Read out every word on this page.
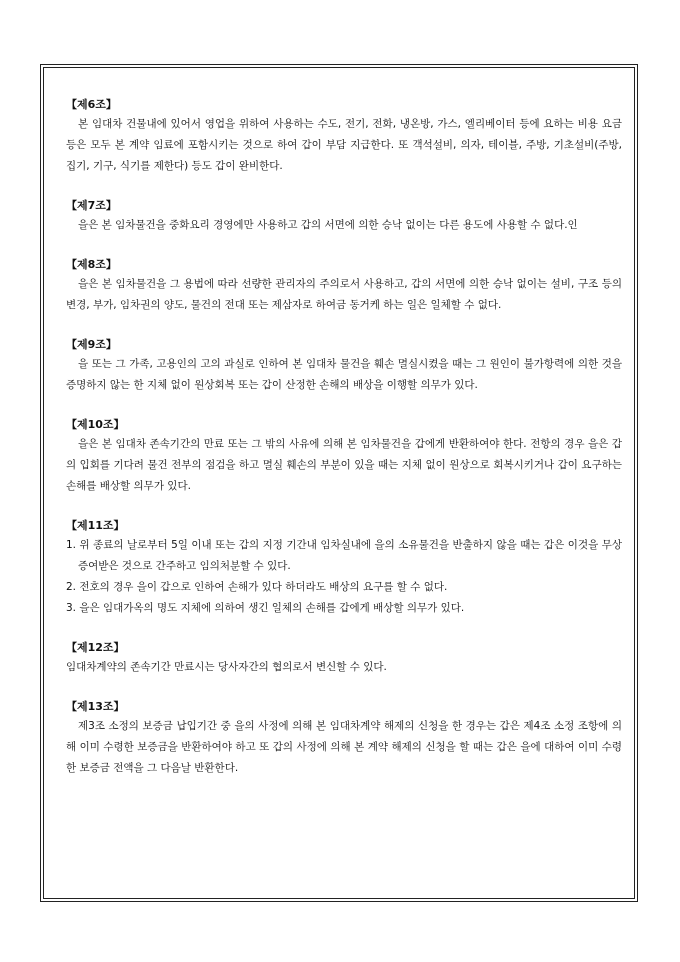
【제6조】

본 임대차 건물내에 있어서 영업을 위하여 사용하는 수도, 전기, 전화, 냉온방, 가스, 엘리베이터 등에 요하는 비용 요금 등은 모두 본 계약 임료에 포함시키는 것으로 하여 갑이 부담 지급한다. 또 객석설비, 의자, 테이블, 주방, 기초설비(주방, 집기, 기구, 식기를 제한다) 등도 갑이 완비한다.

【제7조】

을은 본 임차물건을 중화요리 경영에만 사용하고 갑의 서면에 의한 승낙 없이는 다른 용도에 사용할 수 없다.인

【제8조】

을은 본 임차물건을 그 용법에 따라 선량한 관리자의 주의로서 사용하고, 갑의 서면에 의한 승낙 없이는 설비, 구조 등의 변경, 부가, 임차권의 양도, 물건의 전대 또는 제삼자로 하여금 동거케 하는 일은 일체할 수 없다.

【제9조】

을 또는 그 가족, 고용인의 고의 과실로 인하여 본 임대차 물건을 훼손 멸실시켰을 때는 그 원인이 불가항력에 의한 것을 증명하지 않는 한 지체 없이 원상회복 또는 갑이 산정한 손해의 배상을 이행할 의무가 있다.

【제10조】

을은 본 임대차 존속기간의 만료 또는 그 밖의 사유에 의해 본 임차물건을 갑에게 반환하여야 한다. 전항의 경우 을은 갑의 입회를 기다려 물건 전부의 점검을 하고 멸실 훼손의 부분이 있을 때는 지체 없이 원상으로 회복시키거나 갑이 요구하는 손해를 배상할 의무가 있다.

【제11조】
1. 위 종료의 날로부터 5일 이내 또는 갑의 지정 기간내 임차실내에 을의 소유물건을 반출하지 않을 때는 갑은 이것을 무상 증여받은 것으로 간주하고 임의처분할 수 있다.
2. 전호의 경우 을이 갑으로 인하여 손해가 있다 하더라도 배상의 요구를 할 수 없다.
3. 을은 임대가옥의 명도 지체에 의하여 생긴 일체의 손해를 갑에게 배상할 의무가 있다.
【제12조】

임대차계약의 존속기간 만료시는 당사자간의 협의로서 변신할 수 있다.

【제13조】

제3조 소정의 보증금 납입기간 중 을의 사정에 의해 본 임대차계약 해제의 신청을 한 경우는 갑은 제4조 소정 조항에 의해 이미 수령한 보증금을 반환하여야 하고 또 갑의 사정에 의해 본 계약 해제의 신청을 할 때는 갑은 을에 대하여 이미 수령한 보증금 전액을 그 다음날 반환한다.
